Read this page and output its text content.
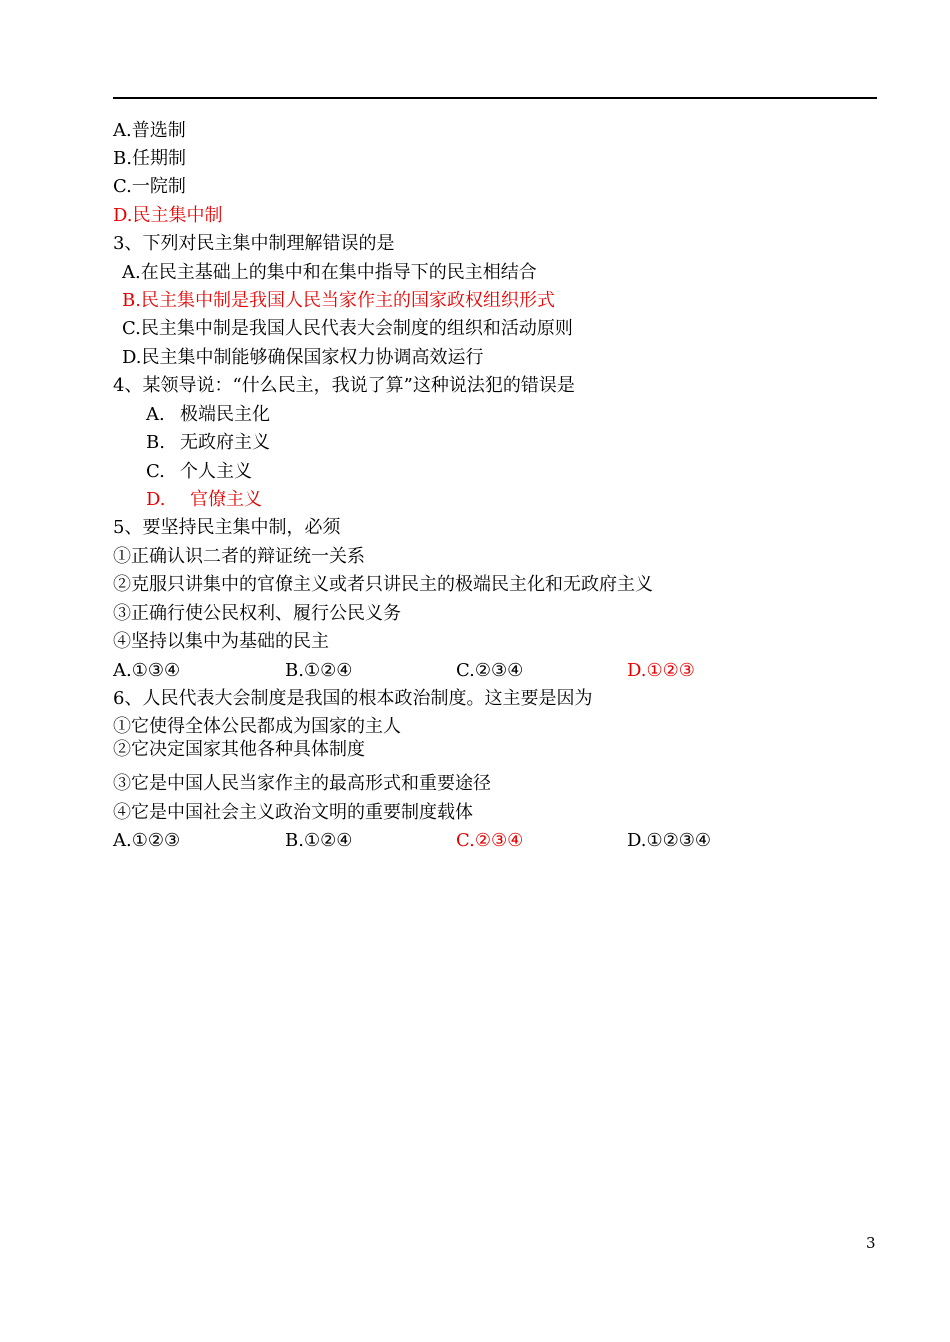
A.普选制
B.任期制
C.一院制
D.民主集中制
3、下列对民主集中制理解错误的是
A.在民主基础上的集中和在集中指导下的民主相结合
B.民主集中制是我国人民当家作主的国家政权组织形式
C.民主集中制是我国人民代表大会制度的组织和活动原则
D.民主集中制能够确保国家权力协调高效运行
4、某领导说：“什么民主，我说了算”这种说法犯的错误是
A. 极端民主化
B. 无政府主义
C. 个人主义
D. 官僚主义
5、要坚持民主集中制，必须
①正确认识二者的辩证统一关系
②克服只讲集中的官僚主义或者只讲民主的极端民主化和无政府主义
③正确行使公民权利、履行公民义务
④坚持以集中为基础的民主
A.①③④	B.①②④	C.②③④	D.①②③
6、人民代表大会制度是我国的根本政治制度。这主要是因为
①它使得全体公民都成为国家的主人
②它决定国家其他各种具体制度
③它是中国人民当家作主的最高形式和重要途径
④它是中国社会主义政治文明的重要制度载体
A.①②③	B.①②④	C.②③④	D.①②③④
3
